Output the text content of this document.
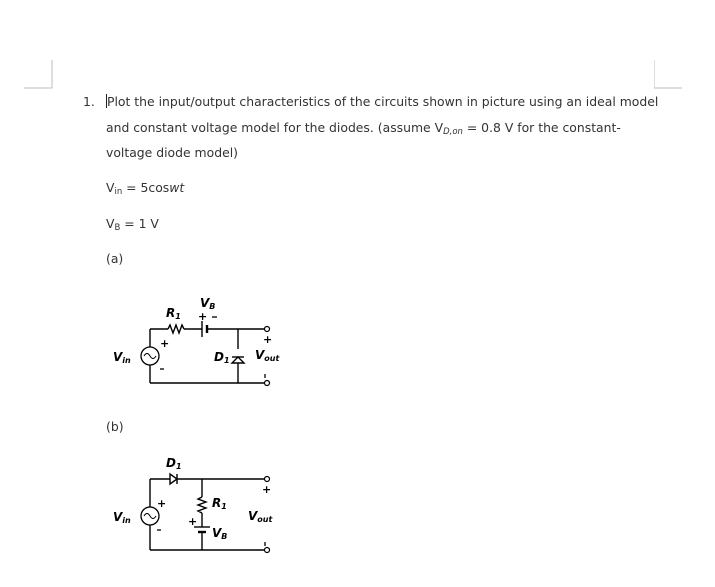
1. Plot the input/output characteristics of the circuits shown in picture using an ideal model
and constant voltage model for the diodes. (assume $V_{D,on} = 0.8$ V for the constant-
voltage diode model)
$V_{in}$ = 5coswt
$V_B = 1$ V
(a)
(b)
+
+
+
Vin
R1
VB
D1 Vout
+
+
+
Vin
D1
R1
VB
Vout
